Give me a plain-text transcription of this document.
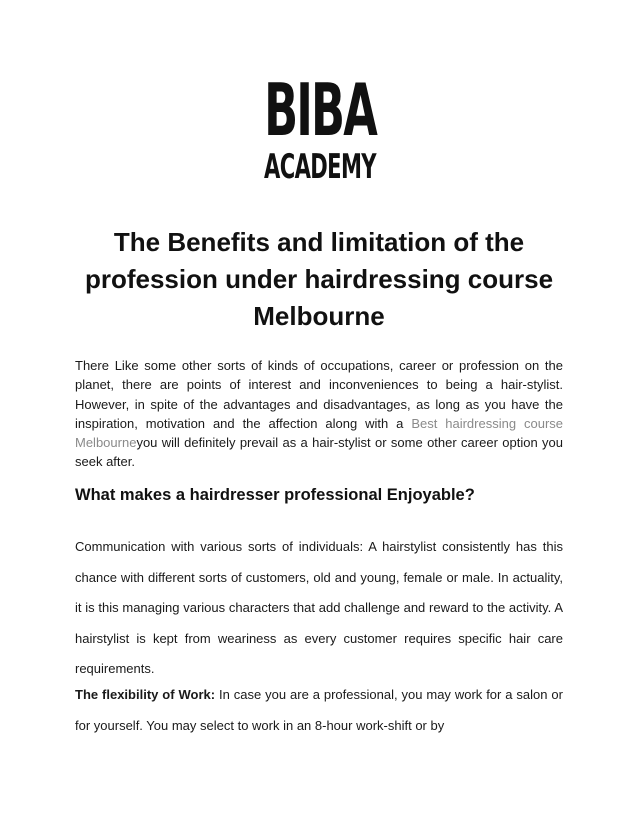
BIBA
ACADEMY
The Benefits and limitation of the profession under hairdressing course Melbourne
There Like some other sorts of kinds of occupations, career or profession on the planet, there are points of interest and inconveniences to being a hair-stylist. However, in spite of the advantages and disadvantages, as long as you have the inspiration, motivation and the affection along with a Best hairdressing course Melbourneyou will definitely prevail as a hair-stylist or some other career option you seek after.
What makes a hairdresser professional Enjoyable?
Communication with various sorts of individuals: A hairstylist consistently has this chance with different sorts of customers, old and young, female or male. In actuality, it is this managing various characters that add challenge and reward to the activity. A hairstylist is kept from weariness as every customer requires specific hair care requirements.
The flexibility of Work: In case you are a professional, you may work for a salon or for yourself. You may select to work in an 8-hour work-shift or by
